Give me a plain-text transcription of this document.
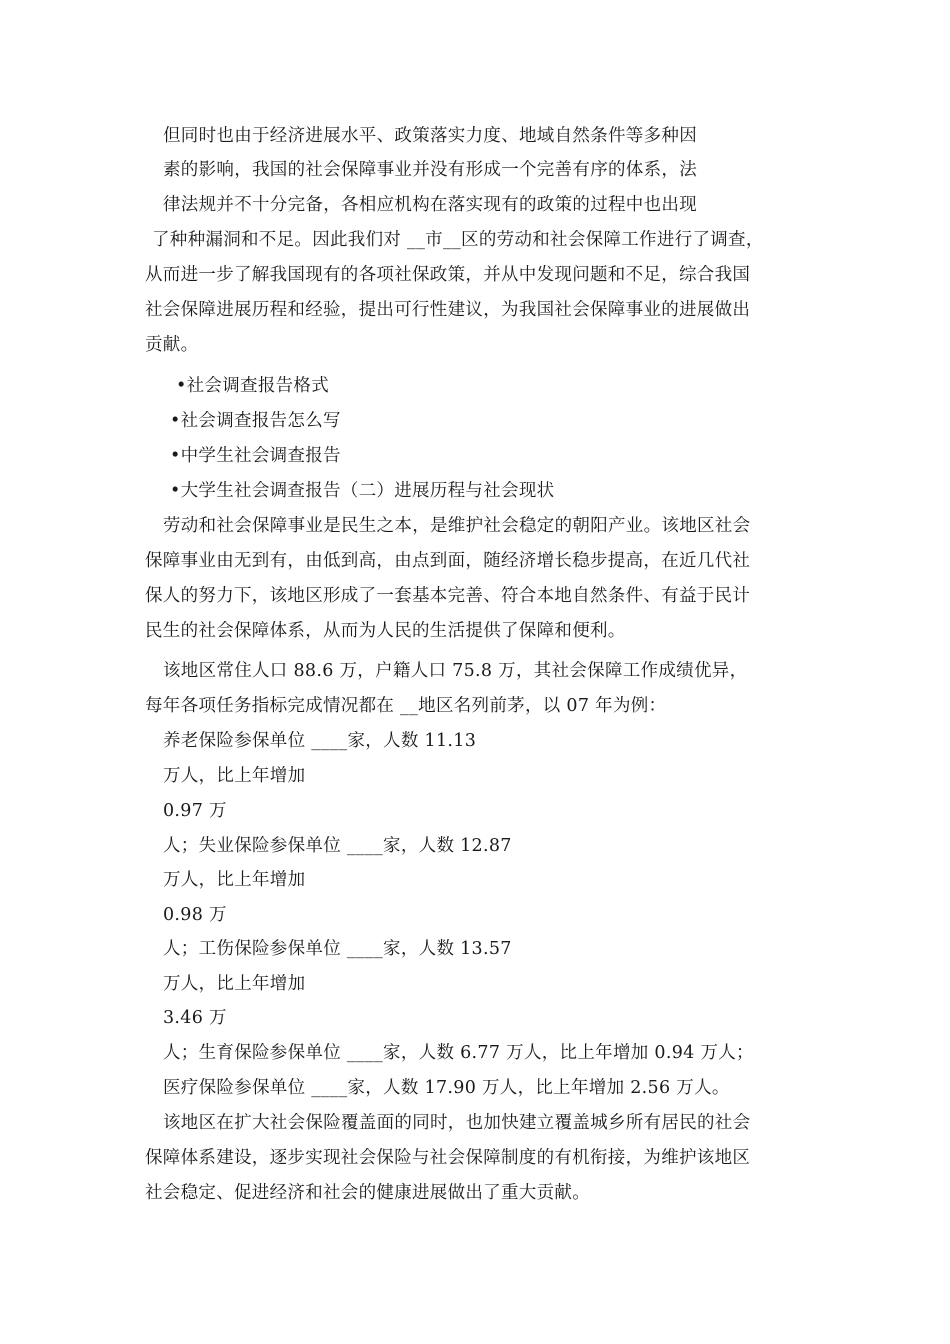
但同时也由于经济进展水平、政策落实力度、地域自然条件等多种因
素的影响，我国的社会保障事业并没有形成一个完善有序的体系，法
律法规并不十分完备，各相应机构在落实现有的政策的过程中也出现
了种种漏洞和不足。因此我们对 __市__区的劳动和社会保障工作进行了调查，
从而进一步了解我国现有的各项社保政策，并从中发现问题和不足，综合我国
社会保障进展历程和经验，提出可行性建议，为我国社会保障事业的进展做出
贡献。
•社会调查报告格式
•社会调查报告怎么写
•中学生社会调查报告
•大学生社会调查报告（二）进展历程与社会现状
劳动和社会保障事业是民生之本，是维护社会稳定的朝阳产业。该地区社会
保障事业由无到有，由低到高，由点到面，随经济增长稳步提高，在近几代社
保人的努力下，该地区形成了一套基本完善、符合本地自然条件、有益于民计
民生的社会保障体系，从而为人民的生活提供了保障和便利。
该地区常住人口 88.6 万，户籍人口 75.8 万，其社会保障工作成绩优异，
每年各项任务指标完成情况都在 __地区名列前茅，以 07 年为例：
养老保险参保单位 ____家，人数 11.13
万人，比上年增加
0.97 万
人；失业保险参保单位 ____家，人数 12.87
万人，比上年增加
0.98 万
人；工伤保险参保单位 ____家，人数 13.57
万人，比上年增加
3.46 万
人；生育保险参保单位 ____家，人数 6.77 万人，比上年增加 0.94 万人；
医疗保险参保单位 ____家，人数 17.90 万人，比上年增加 2.56 万人。
该地区在扩大社会保险覆盖面的同时，也加快建立覆盖城乡所有居民的社会
保障体系建设，逐步实现社会保险与社会保障制度的有机衔接，为维护该地区
社会稳定、促进经济和社会的健康进展做出了重大贡献。
